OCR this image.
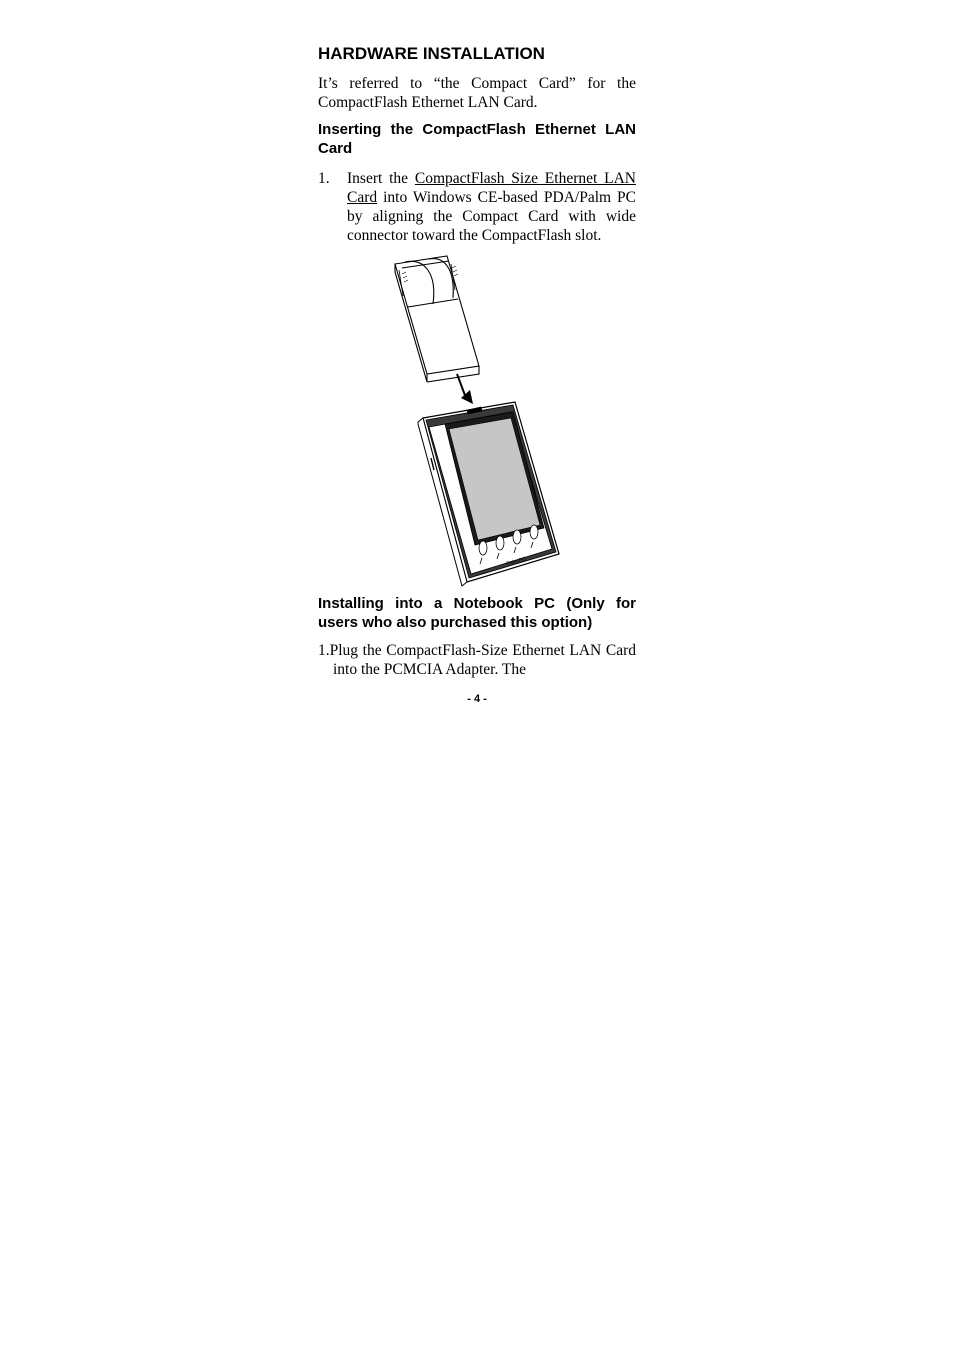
HARDWARE INSTALLATION

It’s referred to “the Compact Card” for the CompactFlash Ethernet LAN Card.

Inserting the CompactFlash Ethernet LAN Card
1. Insert the CompactFlash Size Ethernet LAN Card into Windows CE-based PDA/Palm PC by aligning the Compact Card with wide connector toward the CompactFlash slot.
Palm PC
Installing into a Notebook PC (Only for users who also purchased this option)
1.Plug the CompactFlash-Size Ethernet LAN Card into the PCMCIA Adapter. The
- 4 -
